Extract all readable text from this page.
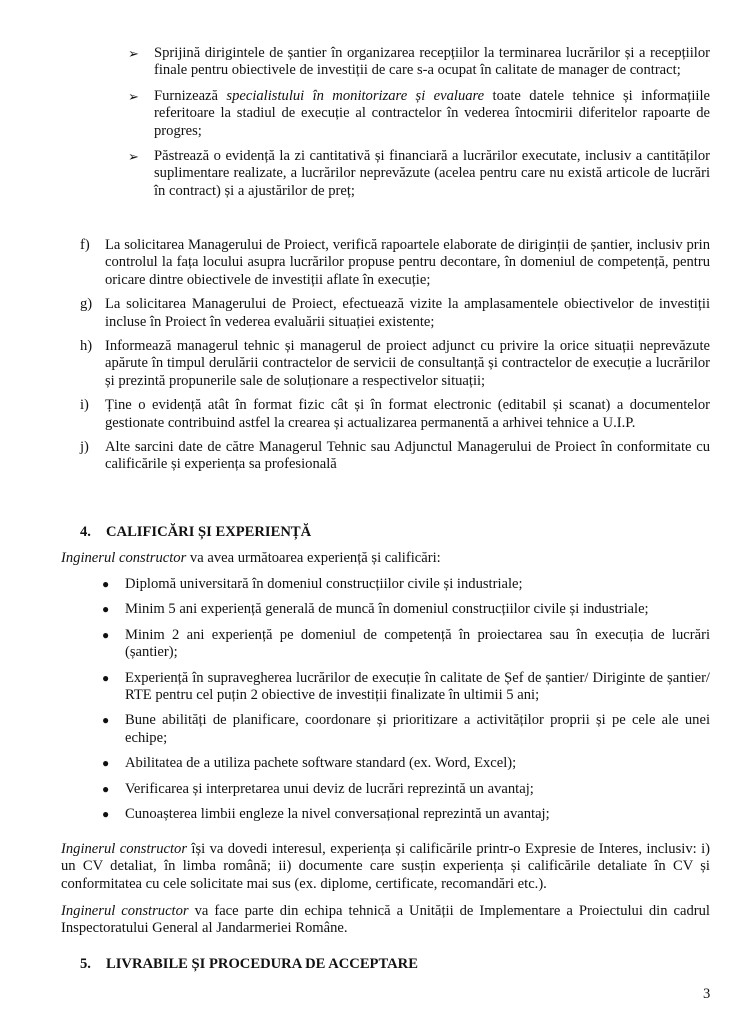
➢ Sprijină dirigintele de șantier în organizarea recepțiilor la terminarea lucrărilor și a recepțiilor finale pentru obiectivele de investiții de care s-a ocupat în calitate de manager de contract;

➢ Furnizează specialistului în monitorizare și evaluare toate datele tehnice și informațiile referitoare la stadiul de execuție al contractelor în vederea întocmirii diferitelor rapoarte de progres;

➢ Păstrează o evidență la zi cantitativă și financiară a lucrărilor executate, inclusiv a cantităților suplimentare realizate, a lucrărilor neprevăzute (acelea pentru care nu există articole de lucrări în contract) și a ajustărilor de preț;

f) La solicitarea Managerului de Proiect, verifică rapoartele elaborate de diriginții de șantier, inclusiv prin controlul la fața locului asupra lucrărilor propuse pentru decontare, în domeniul de competență, pentru oricare dintre obiectivele de investiții aflate în execuție;

g) La solicitarea Managerului de Proiect, efectuează vizite la amplasamentele obiectivelor de investiții incluse în Proiect în vederea evaluării situației existente;

h) Informează managerul tehnic și managerul de proiect adjunct cu privire la orice situații neprevăzute apărute în timpul derulării contractelor de servicii de consultanță și contractelor de execuție a lucrărilor și prezintă propunerile sale de soluționare a respectivelor situații;

i) Ține o evidență atât în format fizic cât și în format electronic (editabil și scanat) a documentelor gestionate contribuind astfel la crearea și actualizarea permanentă a arhivei tehnice a U.I.P.

j) Alte sarcini date de către Managerul Tehnic sau Adjunctul Managerului de Proiect în conformitate cu calificările și experiența sa profesională

4. CALIFICĂRI ȘI EXPERIENȚĂ

Inginerul constructor va avea următoarea experiență și calificări:

● Diplomă universitară în domeniul construcțiilor civile și industriale;

● Minim 5 ani experiență generală de muncă în domeniul construcțiilor civile și industriale;

● Minim 2 ani experiență pe domeniul de competență în proiectarea sau în execuția de lucrări (șantier);

● Experiență în supravegherea lucrărilor de execuție în calitate de Șef de șantier/ Diriginte de șantier/ RTE pentru cel puțin 2 obiective de investiții finalizate în ultimii 5 ani;

● Bune abilități de planificare, coordonare și prioritizare a activităților proprii și pe cele ale unei echipe;

● Abilitatea de a utiliza pachete software standard (ex. Word, Excel);

● Verificarea și interpretarea unui deviz de lucrări reprezintă un avantaj;

● Cunoașterea limbii engleze la nivel conversațional reprezintă un avantaj;

Inginerul constructor își va dovedi interesul, experiența și calificările printr-o Expresie de Interes, inclusiv: i) un CV detaliat, în limba română; ii) documente care susțin experiența și calificările detaliate în CV și conformitatea cu cele solicitate mai sus (ex. diplome, certificate, recomandări etc.).

Inginerul constructor va face parte din echipa tehnică a Unității de Implementare a Proiectului din cadrul Inspectoratului General al Jandarmeriei Române.

5. LIVRABILE ȘI PROCEDURA DE ACCEPTARE
3
